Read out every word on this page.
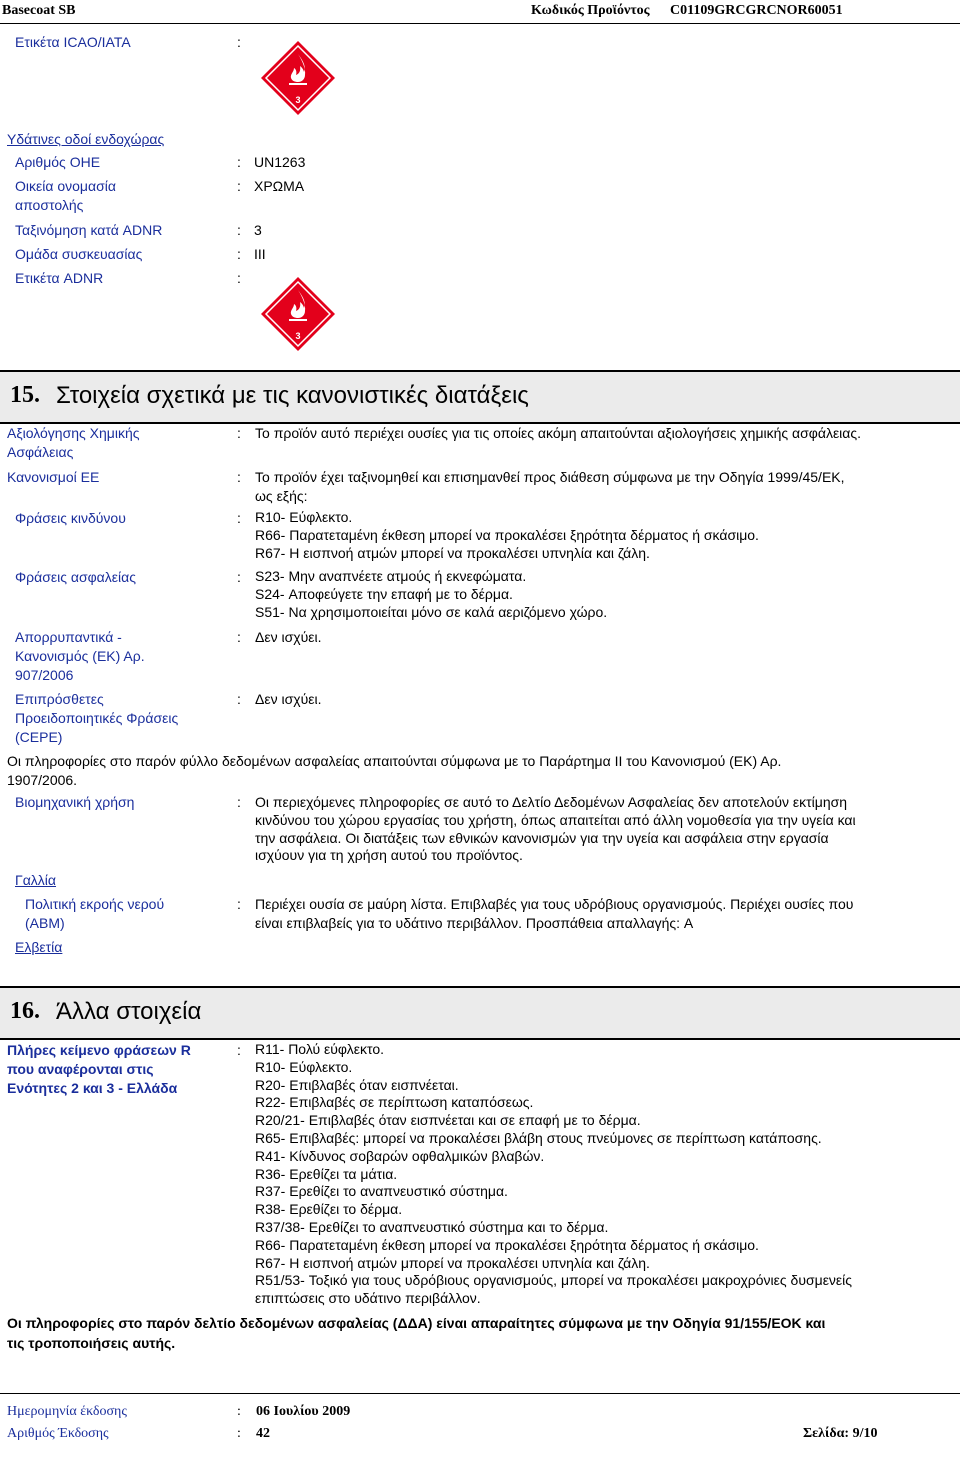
Basecoat SB	Κωδικός Προϊόντος C01109GRCGRCNOR60051
Ετικέτα ICAO/IATA	:
3
Υδάτινες οδοί ενδοχώρας
Αριθμός ΟΗΕ	: UN1263
Οικεία ονομασία
αποστολής
: ΧΡΩΜΑ
Ταξινόμηση κατά ADNR	: 3
Ομάδα συσκευασίας	: III
Ετικέτα ADNR	:
3
15. Στοιχεία σχετικά με τις κανονιστικές διατάξεις
Αξιολόγησης Χημικής
Ασφάλειας
: Το προϊόν αυτό περιέχει ουσίες για τις οποίες ακόμη απαιτούνται αξιολογήσεις χημικής ασφάλειας.
Κανονισμοί ΕΕ	: Το προϊόν έχει ταξινομηθεί και επισημανθεί προς διάθεση σύμφωνα με την Οδηγία 1999/45/ΕΚ,
ως εξής:
Φράσεις κινδύνου	: R10- Εύφλεκτο.
R66- Παρατεταμένη έκθεση μπορεί να προκαλέσει ξηρότητα δέρματος ή σκάσιμο.
R67- Η εισπνοή ατμών μπορεί να προκαλέσει υπνηλία και ζάλη.
Φράσεις ασφαλείας	: S23- Μην αναπνέετε ατμούς ή εκνεφώματα.
S24- Αποφεύγετε την επαφή με το δέρμα.
S51- Να χρησιμοποιείται μόνο σε καλά αεριζόμενο χώρο.
Απορρυπαντικά -
Κανονισμός (ΕΚ) Αρ.
907/2006
: Δεν ισχύει.
Επιπρόσθετες
Προειδοποιητικές Φράσεις
(CEPE)
: Δεν ισχύει.
Οι πληροφορίες στο παρόν φύλλο δεδομένων ασφαλείας απαιτούνται σύμφωνα με το Παράρτημα ΙΙ του Κανονισμού (ΕΚ) Αρ.
1907/2006.
Βιομηχανική χρήση	: Οι περιεχόμενες πληροφορίες σε αυτό το Δελτίο Δεδομένων Ασφαλείας δεν αποτελούν εκτίμηση
κινδύνου του χώρου εργασίας του χρήστη, όπως απαιτείται από άλλη νομοθεσία για την υγεία και
την ασφάλεια. Οι διατάξεις των εθνικών κανονισμών για την υγεία και ασφάλεια στην εργασία
ισχύουν για τη χρήση αυτού του προϊόντος.
Γαλλία
Πολιτική εκροής νερού
(ABM)
: Περιέχει ουσία σε μαύρη λίστα. Επιβλαβές για τους υδρόβιους οργανισμούς. Περιέχει ουσίες που
είναι επιβλαβείς για το υδάτινο περιβάλλον. Προσπάθεια απαλλαγής: A
Ελβετία
16. Άλλα στοιχεία
Πλήρες κείμενο φράσεων R
που αναφέρονται στις
Ενότητες 2 και 3 - Ελλάδα
: R11- Πολύ εύφλεκτο.
R10- Εύφλεκτο.
R20- Επιβλαβές όταν εισπνέεται.
R22- Επιβλαβές σε περίπτωση καταπόσεως.
R20/21- Επιβλαβές όταν εισπνέεται και σε επαφή με το δέρμα.
R65- Επιβλαβές: μπορεί να προκαλέσει βλάβη στους πνεύμονες σε περίπτωση κατάποσης.
R41- Κίνδυνος σοβαρών οφθαλμικών βλαβών.
R36- Ερεθίζει τα μάτια.
R37- Ερεθίζει το αναπνευστικό σύστημα.
R38- Ερεθίζει το δέρμα.
R37/38- Ερεθίζει το αναπνευστικό σύστημα και το δέρμα.
R66- Παρατεταμένη έκθεση μπορεί να προκαλέσει ξηρότητα δέρματος ή σκάσιμο.
R67- Η εισπνοή ατμών μπορεί να προκαλέσει υπνηλία και ζάλη.
R51/53- Τοξικό για τους υδρόβιους οργανισμούς, μπορεί να προκαλέσει μακροχρόνιες δυσμενείς
επιπτώσεις στο υδάτινο περιβάλλον.
Οι πληροφορίες στο παρόν δελτίο δεδομένων ασφαλείας (ΔΔΑ) είναι απαραίτητες σύμφωνα με την Οδηγία 91/155/ΕΟΚ και
τις τροποποιήσεις αυτής.
Ημερομηνία έκδοσης	: 06 Ιουλίου 2009
Αριθμός Έκδοσης	: 42	Σελίδα: 9/10
